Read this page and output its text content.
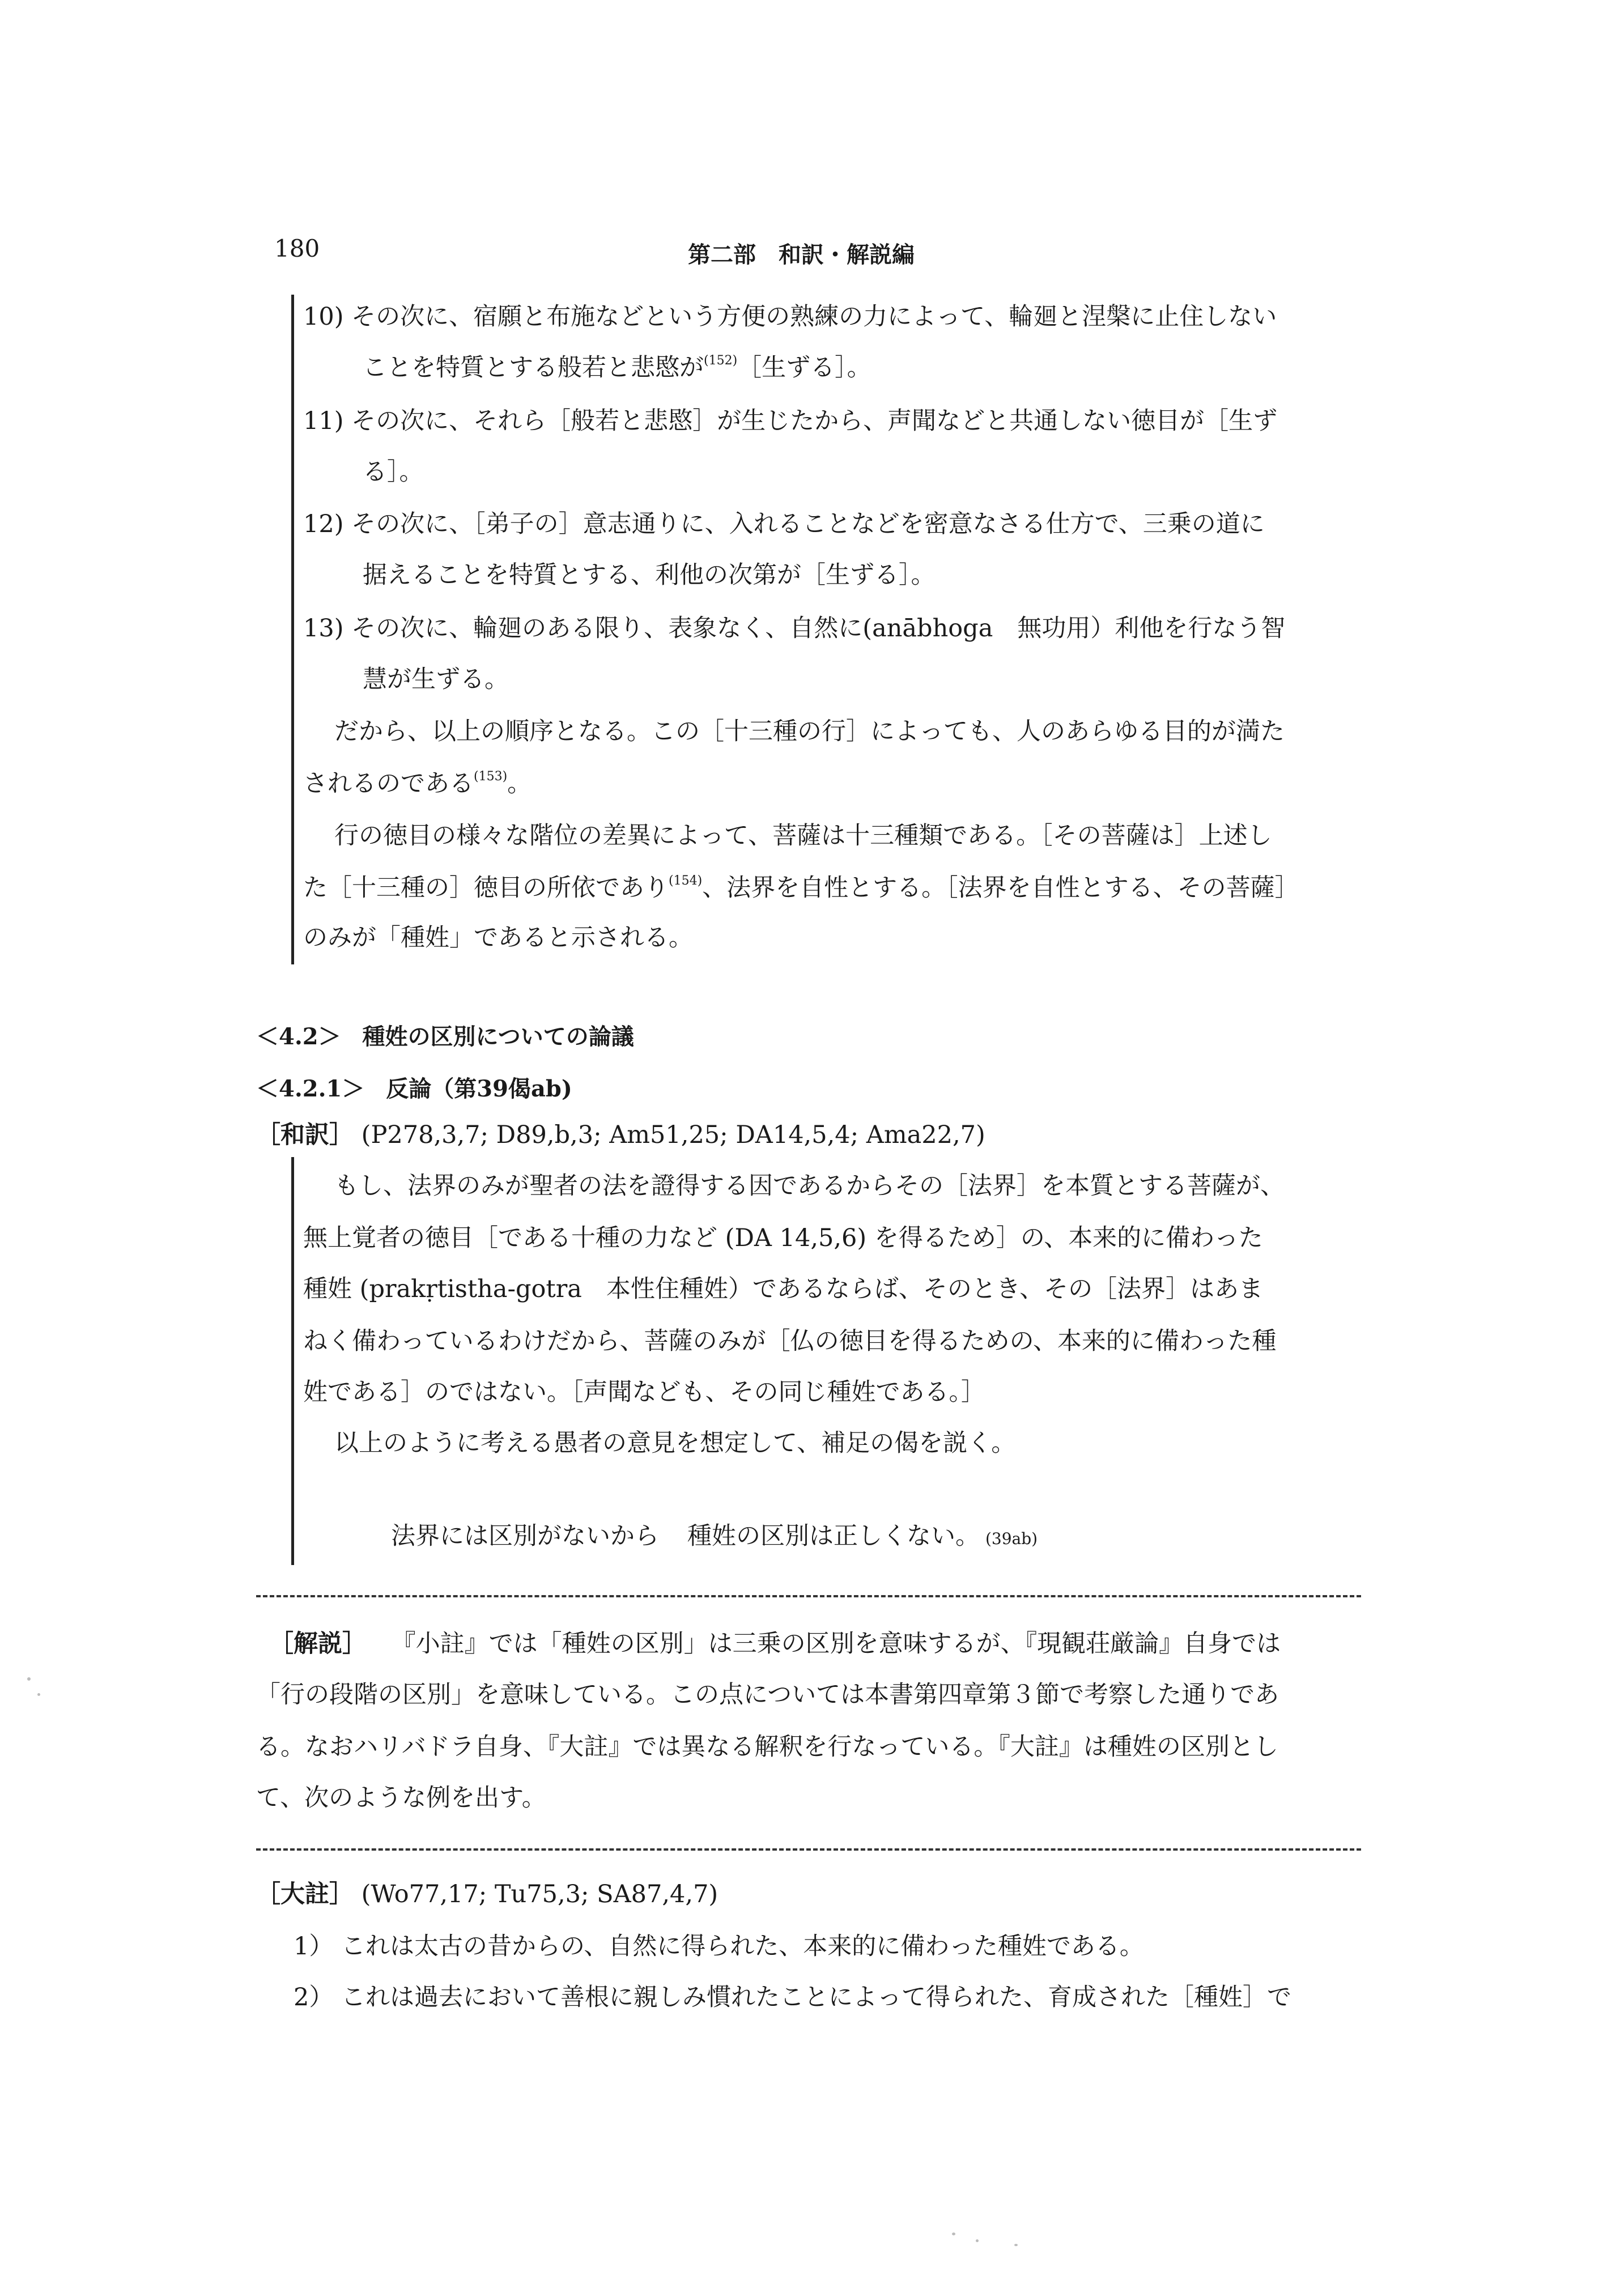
180	第二部　和訳・解説編
10) その次に、宿願と布施などという方便の熟練の力によって、輪廻と涅槃に止住しない
ことを特質とする般若と悲愍が$^{(152)}$［生ずる］。
11) その次に、それら［般若と悲愍］が生じたから、声聞などと共通しない徳目が［生ず
る］。
12) その次に、［弟子の］意志通りに、入れることなどを密意なさる仕方で、三乗の道に
据えることを特質とする、利他の次第が［生ずる］。
13) その次に、輪廻のある限り、表象なく、自然に(anābhoga　無功用）利他を行なう智
慧が生ずる。
だから、以上の順序となる。この［十三種の行］によっても、人のあらゆる目的が満た
されるのである$^{(153)}$。
行の徳目の様々な階位の差異によって、菩薩は十三種類である。［その菩薩は］上述し
た［十三種の］徳目の所依であり$^{(154)}$、法界を自性とする。［法界を自性とする、その菩薩］
のみが「種姓」であると示される。
＜4.2＞ 種姓の区別についての論議
＜4.2.1＞ 反論（第39偈ab)
［和訳］ (P278,3,7; D89,b,3; Am51,25; DA14,5,4; Ama22,7)
もし、法界のみが聖者の法を證得する因であるからその［法界］を本質とする菩薩が、
無上覚者の徳目［である十種の力など (DA 14,5,6) を得るため］の、本来的に備わった
種姓 (prakṛtistha-gotra　本性住種姓）であるならば、そのとき、その［法界］はあま
ねく備わっているわけだから、菩薩のみが［仏の徳目を得るための、本来的に備わった種
姓である］のではない。［声聞なども、その同じ種姓である。］
以上のように考える愚者の意見を想定して、補足の偈を説く。
法界には区別がないから 種姓の区別は正しくない。 (39ab)
［解説］ 『小註』では「種姓の区別」は三乗の区別を意味するが、『現観荘厳論』自身では
「行の段階の区別」を意味している。この点については本書第四章第３節で考察した通りであ
る。なおハリバドラ自身、『大註』では異なる解釈を行なっている。『大註』は種姓の区別とし
て、次のような例を出す。
［大註］ (Wo77,17; Tu75,3; SA87,4,7)
1） これは太古の昔からの、自然に得られた、本来的に備わった種姓である。
2） これは過去において善根に親しみ慣れたことによって得られた、育成された［種姓］で
